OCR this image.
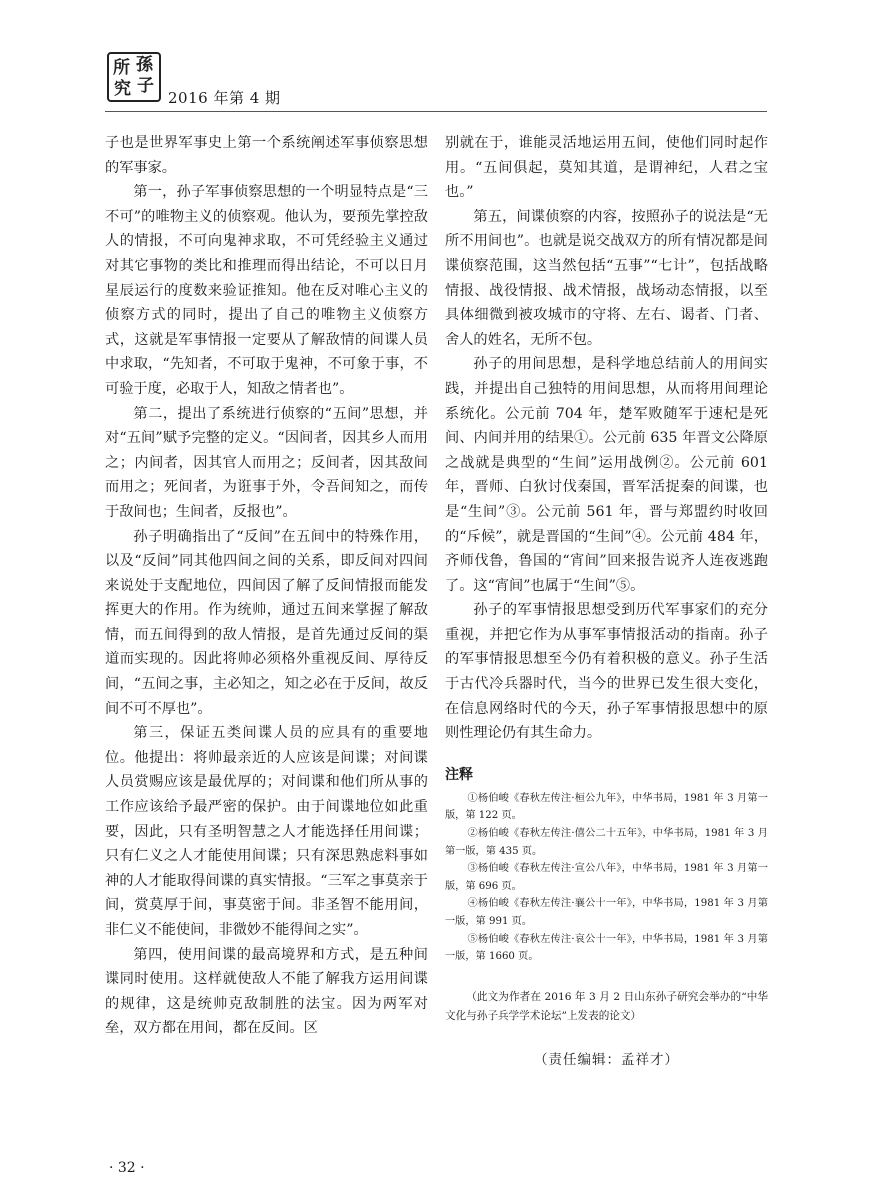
所 孫
究 子
2016 年第 4 期

子也是世界军事史上第一个系统阐述军事侦察思想的军事家。

第一，孙子军事侦察思想的一个明显特点是“三不可”的唯物主义的侦察观。他认为，要预先掌控敌人的情报，不可向鬼神求取，不可凭经验主义通过对其它事物的类比和推理而得出结论，不可以日月星辰运行的度数来验证推知。他在反对唯心主义的侦察方式的同时，提出了自己的唯物主义侦察方式，这就是军事情报一定要从了解敌情的间谍人员中求取，“先知者，不可取于鬼神，不可象于事，不可验于度，必取于人，知敌之情者也”。

第二，提出了系统进行侦察的“五间”思想，并对“五间”赋予完整的定义。“因间者，因其乡人而用之；内间者，因其官人而用之；反间者，因其敌间而用之；死间者，为诳事于外，令吾间知之，而传于敌间也；生间者，反报也”。

孙子明确指出了“反间”在五间中的特殊作用，以及“反间”同其他四间之间的关系，即反间对四间来说处于支配地位，四间因了解了反间情报而能发挥更大的作用。作为统帅，通过五间来掌握了解敌情，而五间得到的敌人情报，是首先通过反间的渠道而实现的。因此将帅必须格外重视反间、厚待反间，“五间之事，主必知之，知之必在于反间，故反间不可不厚也”。

第三，保证五类间谍人员的应具有的重要地位。他提出：将帅最亲近的人应该是间谍；对间谍人员赏赐应该是最优厚的；对间谍和他们所从事的工作应该给予最严密的保护。由于间谍地位如此重要，因此，只有圣明智慧之人才能选择任用间谍；只有仁义之人才能使用间谍；只有深思熟虑料事如神的人才能取得间谍的真实情报。“三军之事莫亲于间，赏莫厚于间，事莫密于间。非圣智不能用间，非仁义不能使间，非微妙不能得间之实”。

第四，使用间谍的最高境界和方式，是五种间谍同时使用。这样就使敌人不能了解我方运用间谍的规律，这是统帅克敌制胜的法宝。因为两军对垒，双方都在用间，都在反间。区

别就在于，谁能灵活地运用五间，使他们同时起作用。“五间俱起，莫知其道，是谓神纪，人君之宝也。”

第五，间谍侦察的内容，按照孙子的说法是“无所不用间也”。也就是说交战双方的所有情况都是间谍侦察范围，这当然包括“五事”“七计”，包括战略情报、战役情报、战术情报，战场动态情报，以至具体细微到被攻城市的守将、左右、谒者、门者、舍人的姓名，无所不包。

孙子的用间思想，是科学地总结前人的用间实践，并提出自己独特的用间思想，从而将用间理论系统化。公元前 704 年，楚军败随军于速杞是死间、内间并用的结果①。公元前 635 年晋文公降原之战就是典型的“生间”运用战例②。公元前 601 年，晋师、白狄讨伐秦国，晋军活捉秦的间谍，也是“生间”③。公元前 561 年，晋与郑盟约时收回的“斥候”，就是晋国的“生间”④。公元前 484 年，齐师伐鲁，鲁国的“宵间”回来报告说齐人连夜逃跑了。这“宵间”也属于“生间”⑤。

孙子的军事情报思想受到历代军事家们的充分重视，并把它作为从事军事情报活动的指南。孙子的军事情报思想至今仍有着积极的意义。孙子生活于古代冷兵器时代，当今的世界已发生很大变化，在信息网络时代的今天，孙子军事情报思想中的原则性理论仍有其生命力。

注释

①杨伯峻《春秋左传注·桓公九年》，中华书局，1981 年 3 月第一版，第 122 页。

②杨伯峻《春秋左传注·僖公二十五年》，中华书局，1981 年 3 月第一版，第 435 页。

③杨伯峻《春秋左传注·宣公八年》，中华书局，1981 年 3 月第一版，第 696 页。

④杨伯峻《春秋左传注·襄公十一年》，中华书局，1981 年 3 月第一版，第 991 页。

⑤杨伯峻《春秋左传注·哀公十一年》，中华书局，1981 年 3 月第一版，第 1660 页。

（此文为作者在 2016 年 3 月 2 日山东孙子研究会举办的“中华文化与孙子兵学学术论坛”上发表的论文）
（责任编辑：孟祥才）
· 32 ·
